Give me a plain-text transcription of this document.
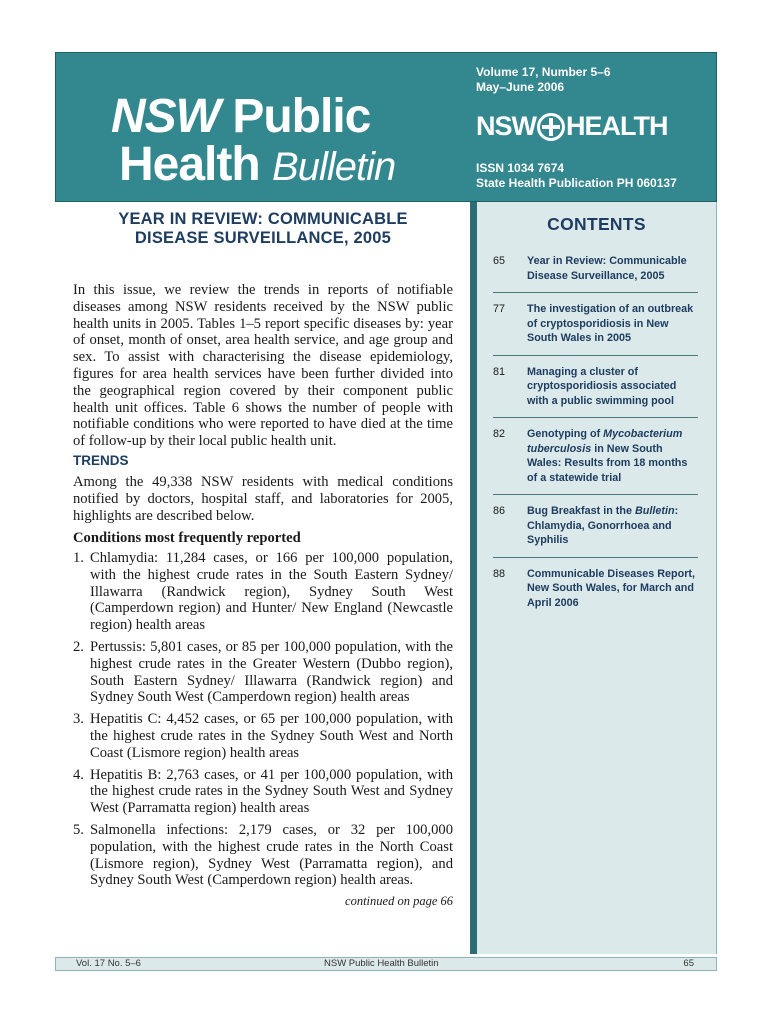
NSW Public
Health Bulletin
Volume 17, Number 5–6
May–June 2006
NSW HEALTH
ISSN 1034 7674
State Health Publication PH 060137
YEAR IN REVIEW: COMMUNICABLE
DISEASE SURVEILLANCE, 2005

In this issue, we review the trends in reports of notifiable diseases among NSW residents received by the NSW public health units in 2005. Tables 1–5 report specific diseases by: year of onset, month of onset, area health service, and age group and sex. To assist with characterising the disease epidemiology, figures for area health services have been further divided into the geographical region covered by their component public health unit offices. Table 6 shows the number of people with notifiable conditions who were reported to have died at the time of follow-up by their local public health unit.

TRENDS

Among the 49,338 NSW residents with medical conditions notified by doctors, hospital staff, and laboratories for 2005, highlights are described below.

Conditions most frequently reported
1. Chlamydia: 11,284 cases, or 166 per 100,000 population, with the highest crude rates in the South Eastern Sydney/ Illawarra (Randwick region), Sydney South West (Camperdown region) and Hunter/ New England (Newcastle region) health areas
2. Pertussis: 5,801 cases, or 85 per 100,000 population, with the highest crude rates in the Greater Western (Dubbo region), South Eastern Sydney/ Illawarra (Randwick region) and Sydney South West (Camperdown region) health areas
3. Hepatitis C: 4,452 cases, or 65 per 100,000 population, with the highest crude rates in the Sydney South West and North Coast (Lismore region) health areas
4. Hepatitis B: 2,763 cases, or 41 per 100,000 population, with the highest crude rates in the Sydney South West and Sydney West (Parramatta region) health areas
5. Salmonella infections: 2,179 cases, or 32 per 100,000 population, with the highest crude rates in the North Coast (Lismore region), Sydney West (Parramatta region), and Sydney South West (Camperdown region) health areas.
continued on page 66
CONTENTS
65	Year in Review: Communicable Disease Surveillance, 2005
77	The investigation of an outbreak of cryptosporidiosis in New South Wales in 2005
81	Managing a cluster of cryptosporidiosis associated with a public swimming pool
82	Genotyping of Mycobacterium tuberculosis in New South Wales: Results from 18 months of a statewide trial
86	Bug Breakfast in the Bulletin: Chlamydia, Gonorrhoea and Syphilis
88	Communicable Diseases Report, New South Wales, for March and April 2006
Vol. 17 No. 5–6	NSW Public Health Bulletin	65
